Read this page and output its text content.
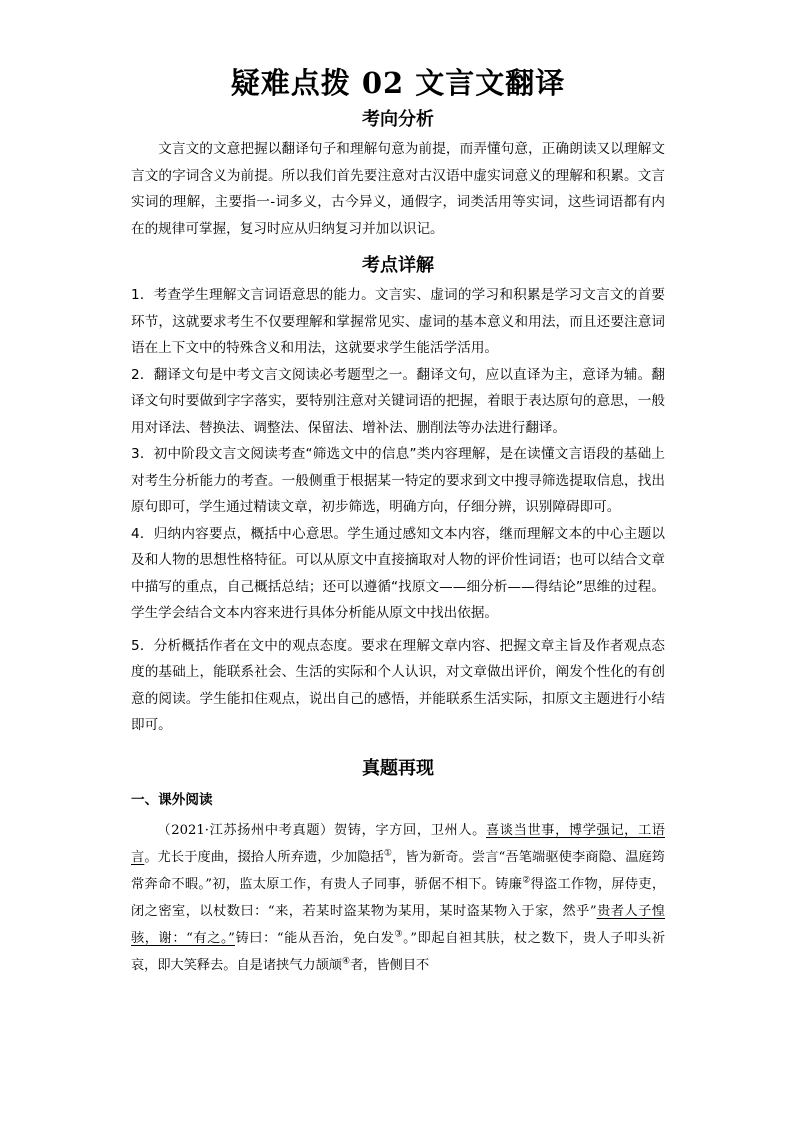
疑难点拨 02 文言文翻译
考向分析

文言文的文意把握以翻译句子和理解句意为前提，而弄懂句意，正确朗读又以理解文言文的字词含义为前提。所以我们首先要注意对古汉语中虚实词意义的理解和积累。文言实词的理解，主要指一-词多义，古今异义，通假字，词类活用等实词，这些词语都有内在的规律可掌握，复习时应从归纳复习并加以识记。

考点详解

1．考查学生理解文言词语意思的能力。文言实、虚词的学习和积累是学习文言文的首要环节，这就要求考生不仅要理解和掌握常见实、虚词的基本意义和用法，而且还要注意词语在上下文中的特殊含义和用法，这就要求学生能活学活用。

2．翻译文句是中考文言文阅读必考题型之一。翻译文句，应以直译为主，意译为辅。翻译文句时要做到字字落实，要特别注意对关键词语的把握，着眼于表达原句的意思，一般用对译法、替换法、调整法、保留法、增补法、删削法等办法进行翻译。

3．初中阶段文言文阅读考查“筛选文中的信息”类内容理解，是在读懂文言语段的基础上对考生分析能力的考查。一般侧重于根据某一特定的要求到文中搜寻筛选提取信息，找出原句即可，学生通过精读文章，初步筛选，明确方向，仔细分辨，识别障碍即可。

4．归纳内容要点，概括中心意思。学生通过感知文本内容，继而理解文本的中心主题以及和人物的思想性格特征。可以从原文中直接摘取对人物的评价性词语；也可以结合文章中描写的重点，自己概括总结；还可以遵循“找原文——细分析——得结论”思维的过程。学生学会结合文本内容来进行具体分析能从原文中找出依据。

5．分析概括作者在文中的观点态度。要求在理解文章内容、把握文章主旨及作者观点态度的基础上，能联系社会、生活的实际和个人认识，对文章做出评价，阐发个性化的有创意的阅读。学生能扣住观点，说出自己的感悟，并能联系生活实际，扣原文主题进行小结即可。

真题再现

一、课外阅读

（2021·江苏扬州中考真题）贺铸，字方回，卫州人。喜谈当世事，博学强记，工语言。尤长于度曲，掇拾人所弃遗，少加隐括①，皆为新奇。尝言“吾笔端驱使李商隐、温庭筠常奔命不暇。”初，监太原工作，有贵人子同事，骄倨不相下。铸廉②得盗工作物，屏侍吏，闭之密室，以杖数曰：“来，若某时盗某物为某用，某时盗某物入于家，然乎”贵者人子惶骇，谢：“有之。”铸曰：“能从吾治，免白发③。”即起自袒其肤，杖之数下，贵人子叩头祈哀，即大笑释去。自是诸挟气力颉颃④者，皆侧目不
